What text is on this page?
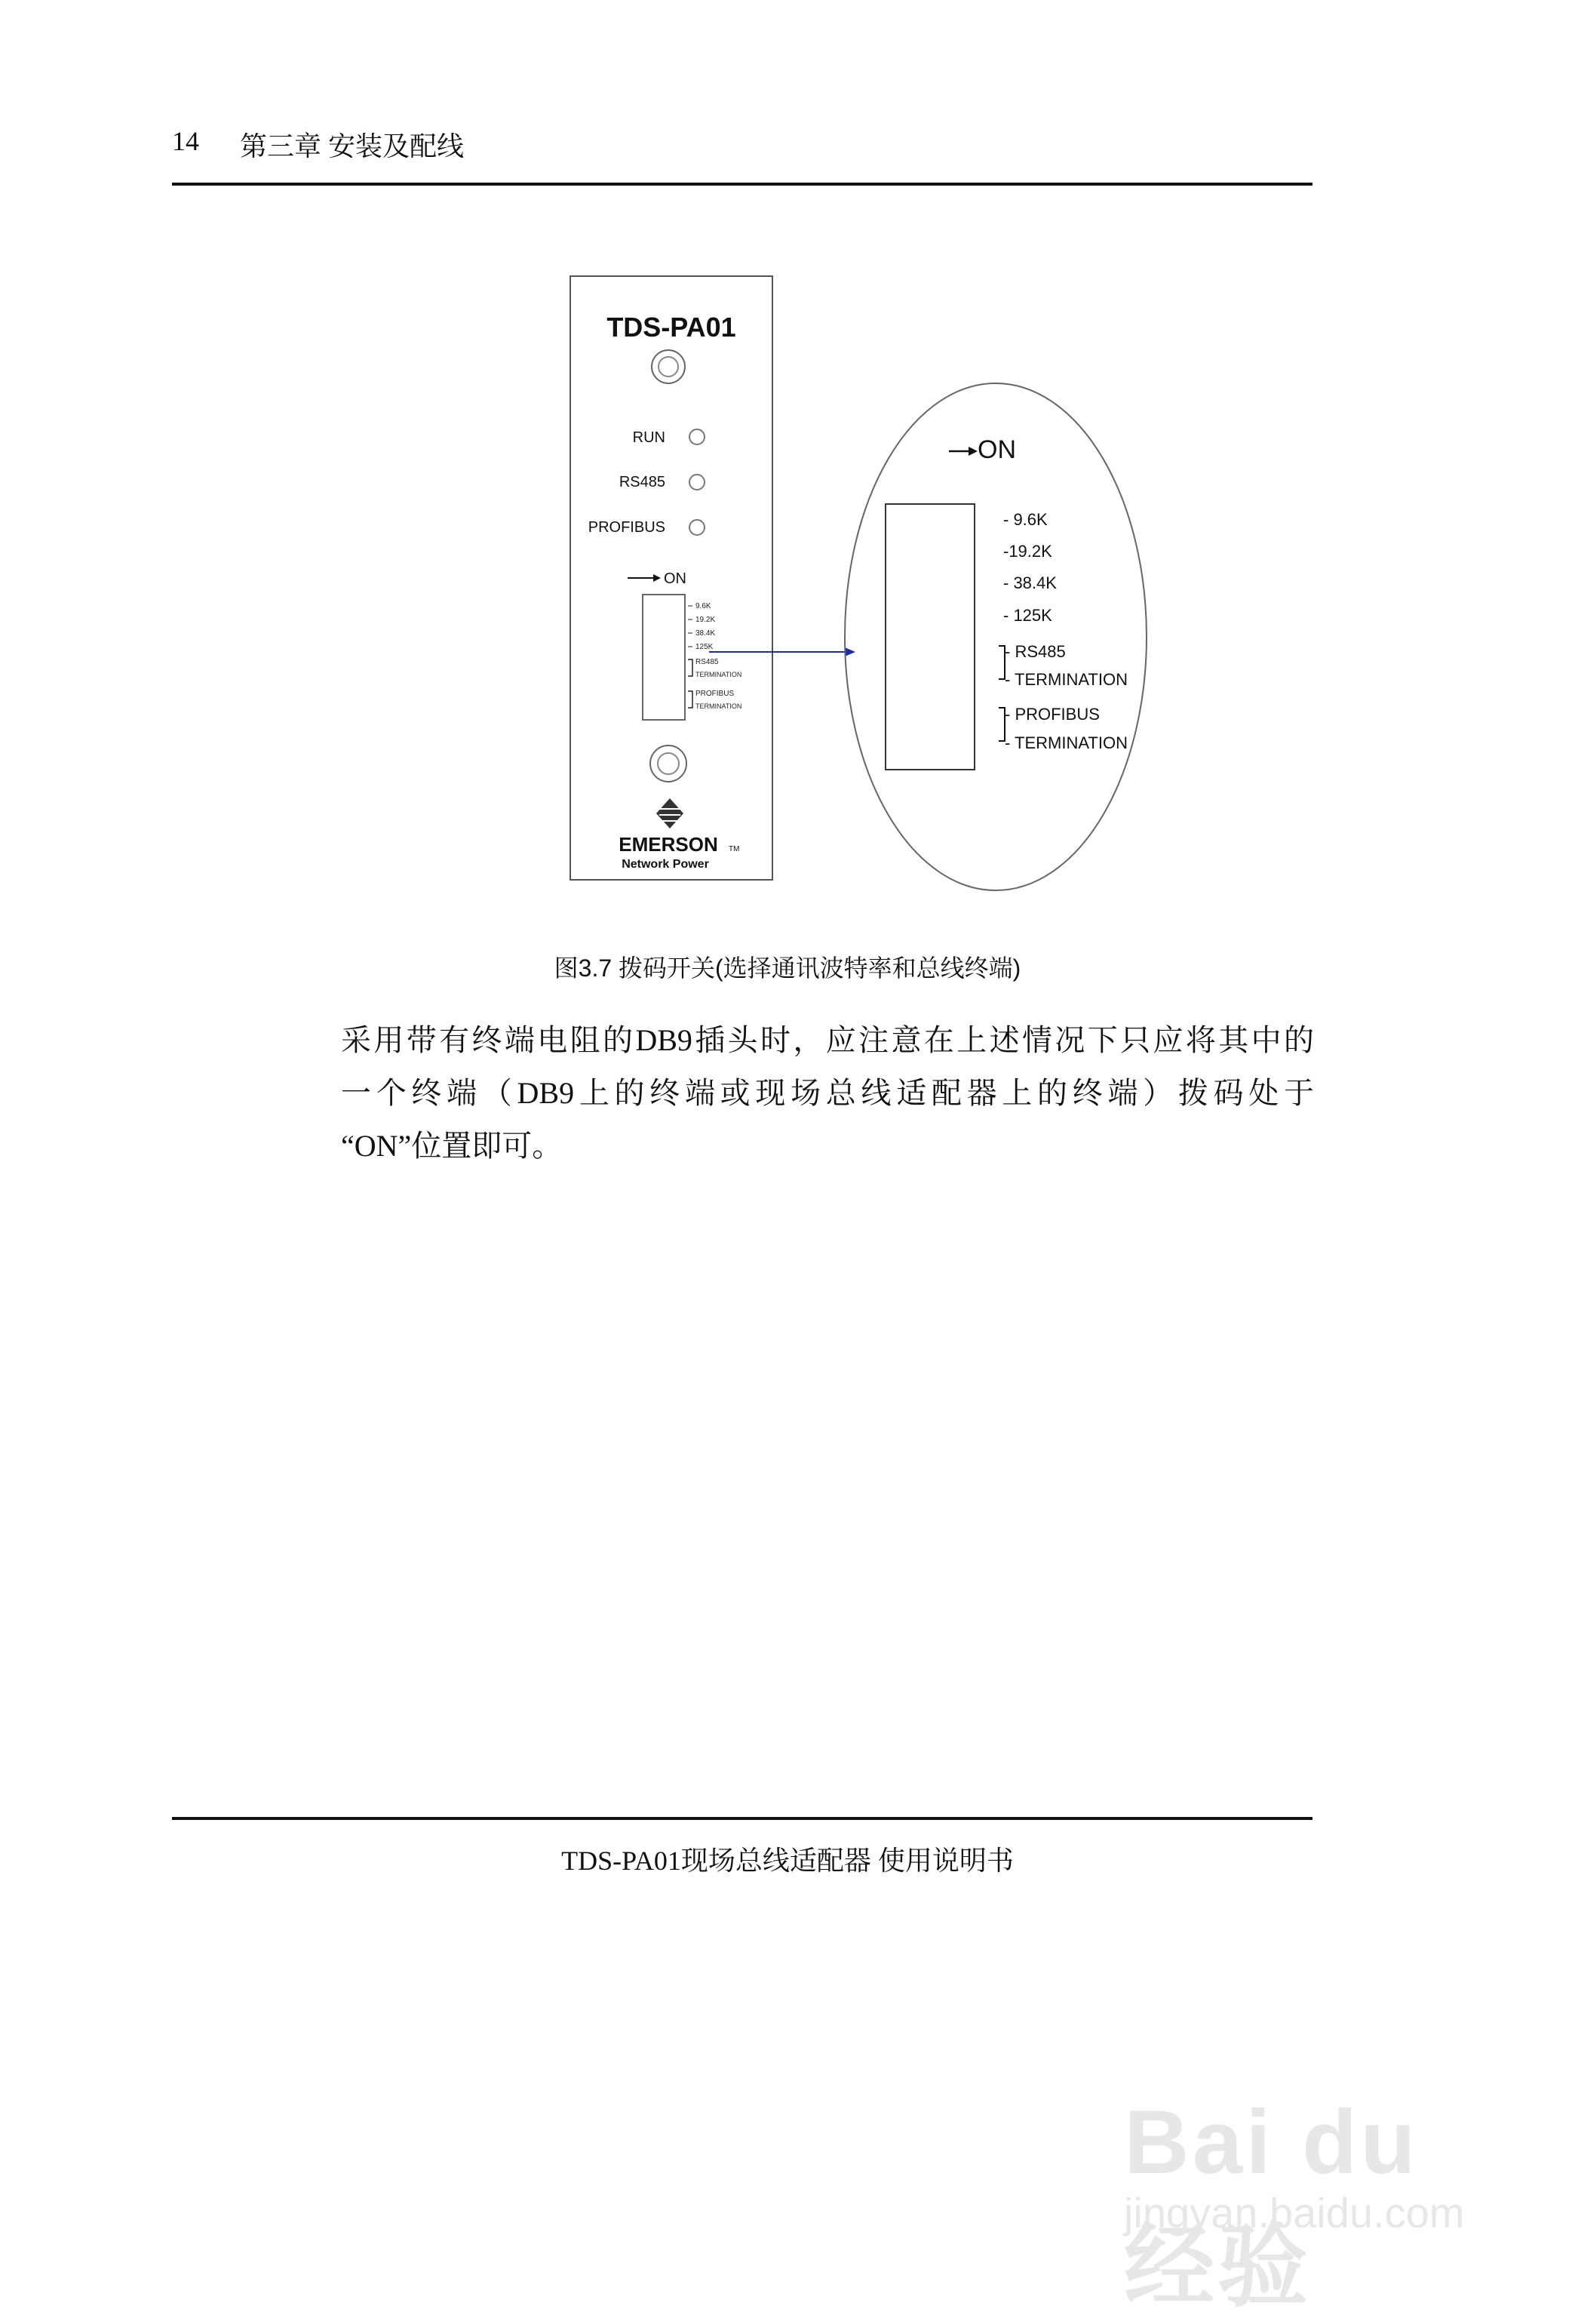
14 第三章 安装及配线
TDS-PA01
RUN
RS485
PROFIBUS
ON
9.6K
19.2K
38.4K
125K
RS485
TERMINATION
PROFIBUS
TERMINATION
EMERSON TM
Network Power
ON
- 9.6K
-19.2K
- 38.4K
- 125K
- RS485
- TERMINATION
- PROFIBUS
- TERMINATION
图3.7 拨码开关(选择通讯波特率和总线终端)
采用带有终端电阻的DB9插头时，应注意在上述情况下只应将其中的
一个终端（DB9上的终端或现场总线适配器上的终端）拨码处于
“ON”位置即可。
TDS-PA01现场总线适配器 使用说明书
Bai du 经验
jingyan.baidu.com
